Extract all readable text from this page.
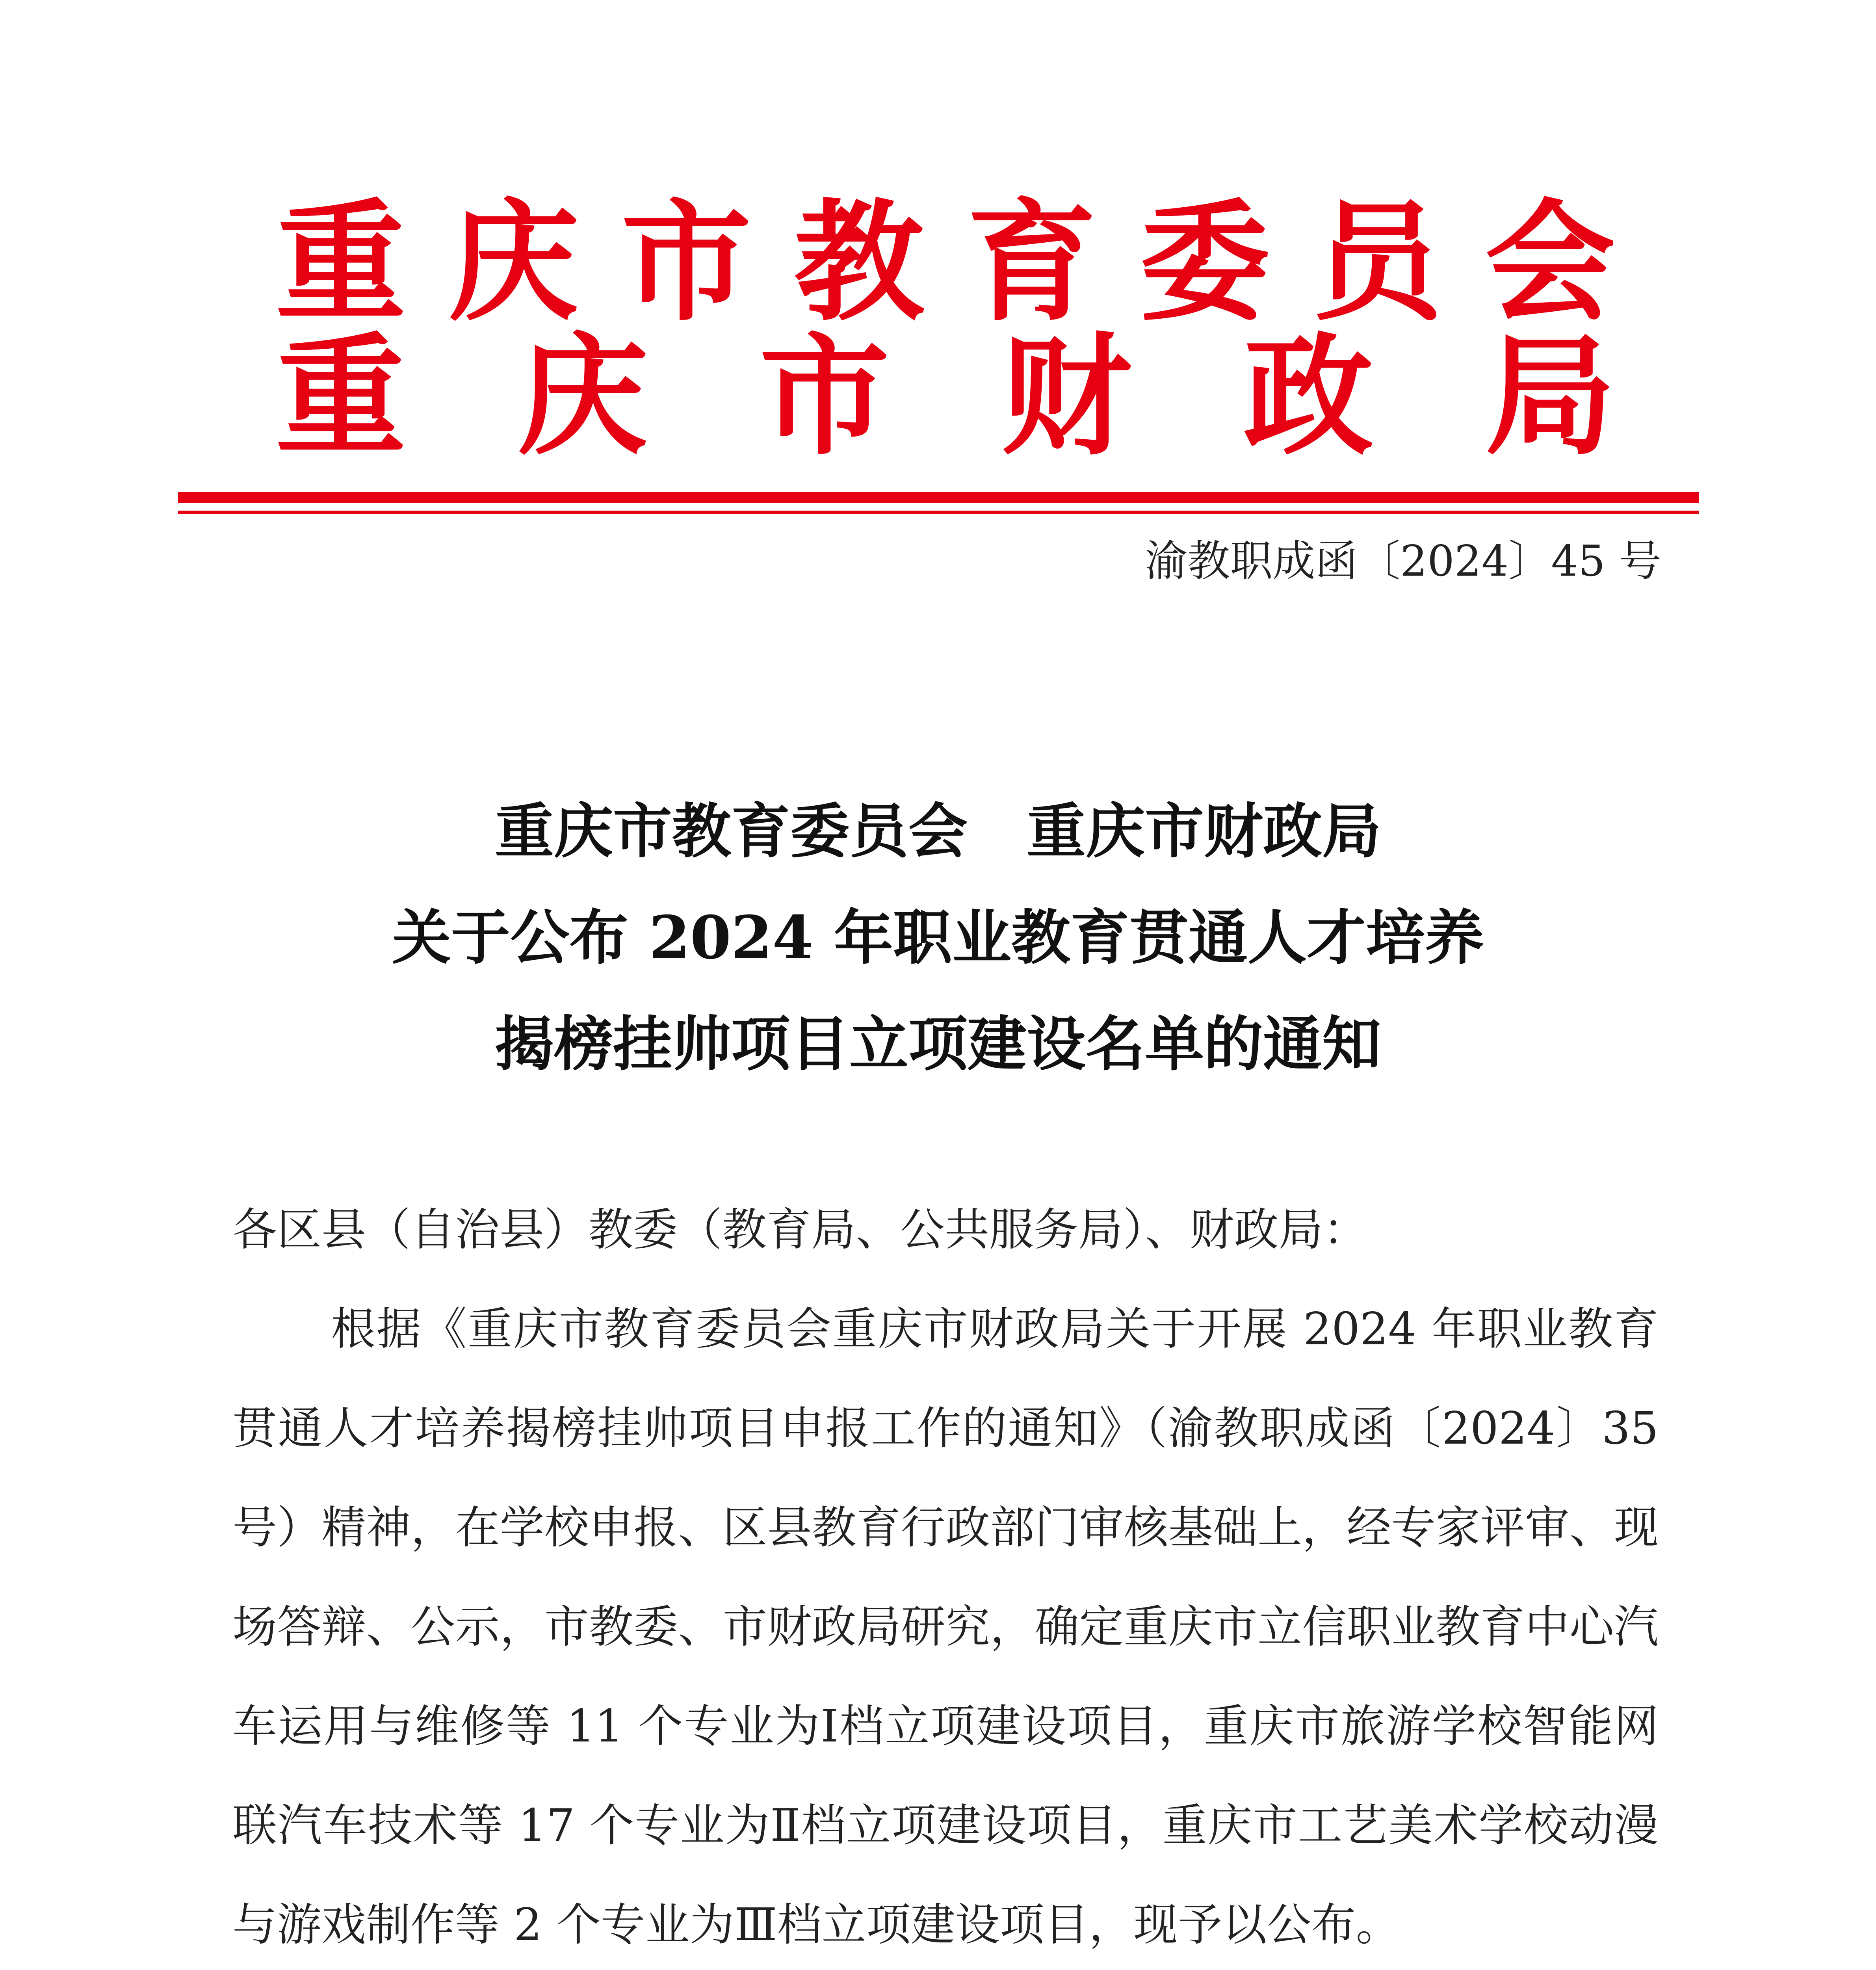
重 庆 市 教 育 委 员 会
重 庆 市 财 政 局
渝教职成函〔2024〕45 号
重庆市教育委员会　重庆市财政局
关于公布 2024 年职业教育贯通人才培养
揭榜挂帅项目立项建设名单的通知
各区县（自治县）教委（教育局、公共服务局）、财政局：
根据《重庆市教育委员会重庆市财政局关于开展 2024 年职业教育贯通人才培养揭榜挂帅项目申报工作的通知》（渝教职成函〔2024〕35 号）精神，在学校申报、区县教育行政部门审核基础上，经专家评审、现场答辩、公示，市教委、市财政局研究，确定重庆市立信职业教育中心汽车运用与维修等 11 个专业为Ⅰ档立项建设项目，重庆市旅游学校智能网联汽车技术等 17 个专业为Ⅱ档立项建设项目，重庆市工艺美术学校动漫与游戏制作等 2 个专业为Ⅲ档立项建设项目，现予以公布。
